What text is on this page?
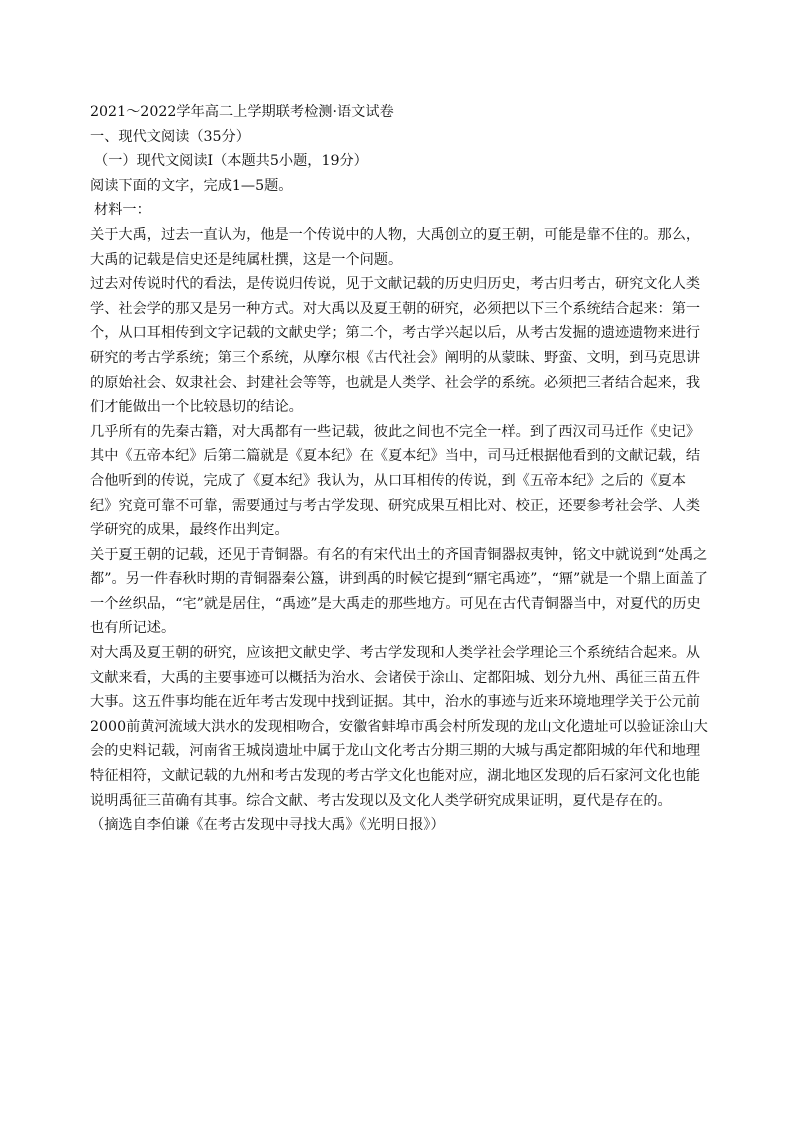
2021～2022学年高二上学期联考检测·语文试卷

一、现代文阅读（35分）

（一）现代文阅读Ⅰ（本题共5小题，19分）

阅读下面的文字，完成1—5题。

材料一：

关于大禹，过去一直认为，他是一个传说中的人物，大禹创立的夏王朝，可能是靠不住的。那么，
大禹的记载是信史还是纯属杜撰，这是一个问题。
过去对传说时代的看法，是传说归传说，见于文献记载的历史归历史，考古归考古，研究文化人类
学、社会学的那又是另一种方式。对大禹以及夏王朝的研究，必须把以下三个系统结合起来：第一
个，从口耳相传到文字记载的文献史学；第二个，考古学兴起以后，从考古发掘的遗迹遗物来进行
研究的考古学系统；第三个系统，从摩尔根《古代社会》阐明的从蒙昧、野蛮、文明，到马克思讲
的原始社会、奴隶社会、封建社会等等，也就是人类学、社会学的系统。必须把三者结合起来，我
们才能做出一个比较恳切的结论。
几乎所有的先秦古籍，对大禹都有一些记载，彼此之间也不完全一样。到了西汉司马迁作《史记》
其中《五帝本纪》后第二篇就是《夏本纪》在《夏本纪》当中，司马迁根据他看到的文献记载，结
合他听到的传说，完成了《夏本纪》我认为，从口耳相传的传说，到《五帝本纪》之后的《夏本
纪》究竟可靠不可靠，需要通过与考古学发现、研究成果互相比对、校正，还要参考社会学、人类
学研究的成果，最终作出判定。
关于夏王朝的记载，还见于青铜器。有名的有宋代出土的齐国青铜器叔夷钟，铭文中就说到“处禹之
都”。另一件春秋时期的青铜器秦公簋，讲到禹的时候它提到“鼏宅禹迹”，“鼏”就是一个鼎上面盖了
一个丝织品，“宅”就是居住，“禹迹”是大禹走的那些地方。可见在古代青铜器当中，对夏代的历史
也有所记述。
对大禹及夏王朝的研究，应该把文献史学、考古学发现和人类学社会学理论三个系统结合起来。从
文献来看，大禹的主要事迹可以概括为治水、会诸侯于涂山、定都阳城、划分九州、禹征三苗五件
大事。这五件事均能在近年考古发现中找到证据。其中，治水的事迹与近来环境地理学关于公元前
2000前黄河流域大洪水的发现相吻合，安徽省蚌埠市禹会村所发现的龙山文化遗址可以验证涂山大
会的史料记载，河南省王城岗遗址中属于龙山文化考古分期三期的大城与禹定都阳城的年代和地理
特征相符，文献记载的九州和考古发现的考古学文化也能对应，湖北地区发现的后石家河文化也能
说明禹征三苗确有其事。综合文献、考古发现以及文化人类学研究成果证明，夏代是存在的。

（摘选自李伯谦《在考古发现中寻找大禹》《光明日报》）
